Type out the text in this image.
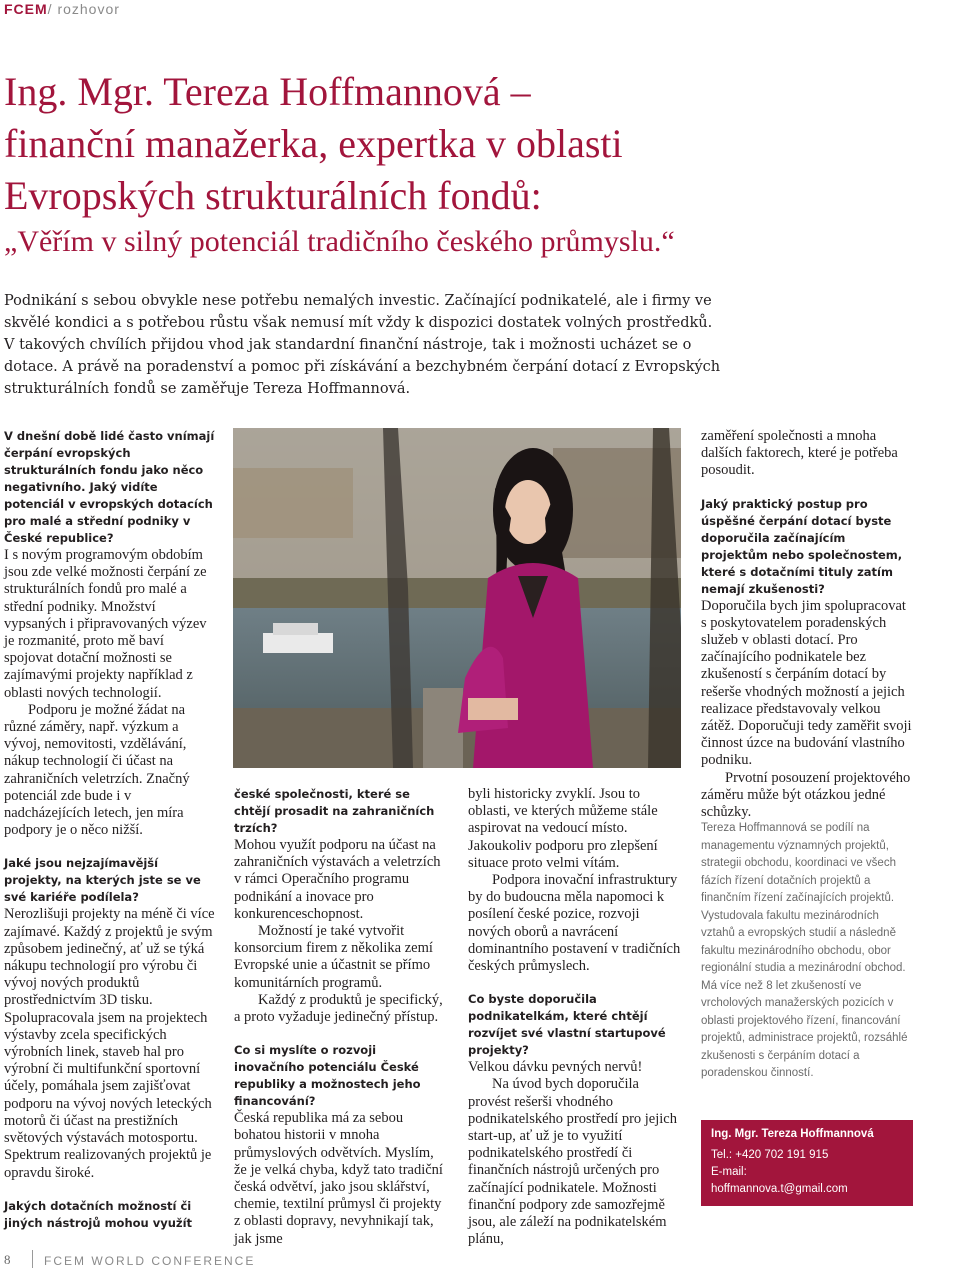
FCEM/ rozhovor
Ing. Mgr. Tereza Hoffmannová –
finanční manažerka, expertka v oblasti
Evropských strukturálních fondů:
„Věřím v silný potenciál tradičního českého průmyslu.“

Podnikání s sebou obvykle nese potřebu nemalých investic. Začínající podnikatelé, ale i firmy ve skvělé kondici a s potřebou růstu však nemusí mít vždy k dispozici dostatek volných prostředků. V takových chvílích přijdou vhod jak standardní finanční nástroje, tak i možnosti ucházet se o dotace. A právě na poradenství a pomoc při získávání a bezchybném čerpání dotací z Evropských strukturálních fondů se zaměřuje Tereza Hoffmannová.

V dnešní době lidé často vnímají čerpání evropských strukturálních fondu jako něco negativního. Jaký vidíte potenciál v evropských dotacích pro malé a střední podniky v České republice?

I s novým programovým obdobím jsou zde velké možnosti čerpání ze strukturálních fondů pro malé a střední podniky. Množství vypsaných i připravovaných výzev je rozmanité, proto mě baví spojovat dotační možnosti se zajímavými projekty například z oblasti nových technologií.

Podporu je možné žádat na různé záměry, např. výzkum a vývoj, nemovitosti, vzdělávání, nákup technologií či účast na zahraničních veletrzích. Značný potenciál zde bude i v nadcházejících letech, jen míra podpory je o něco nižší.

Jaké jsou nejzajímavější projekty, na kterých jste se ve své kariéře podílela?

Nerozlišuji projekty na méně či více zajímavé. Každý z projektů je svým způsobem jedinečný, ať už se týká nákupu technologií pro výrobu či vývoj nových produktů prostřednictvím 3D tisku. Spolupracovala jsem na projektech výstavby zcela specifických výrobních linek, staveb hal pro výrobní či multifunkční sportovní účely, pomáhala jsem zajišťovat podporu na vývoj nových leteckých motorů či účast na prestižních světových výstavách motosportu. Spektrum realizovaných projektů je opravdu široké.

Jakých dotačních možností či jiných nástrojů mohou využít

české společnosti, které se chtějí prosadit na zahraničních trzích?

Mohou využít podporu na účast na zahraničních výstavách a veletrzích v rámci Operačního programu podnikání a inovace pro konkurenceschopnost.

Možností je také vytvořit konsorcium firem z několika zemí Evropské unie a účastnit se přímo komunitárních programů.

Každý z produktů je specifický, a proto vyžaduje jedinečný přístup.

Co si myslíte o rozvoji inovačního potenciálu České republiky a možnostech jeho financování?

Česká republika má za sebou bohatou historii v mnoha průmyslových odvětvích. Myslím, že je velká chyba, když tato tradiční česká odvětví, jako jsou sklářství, chemie, textilní průmysl či projekty z oblasti dopravy, nevyhnikají tak, jak jsme

byli historicky zvyklí. Jsou to oblasti, ve kterých můžeme stále aspirovat na vedoucí místo. Jakoukoliv podporu pro zlepšení situace proto velmi vítám.

Podpora inovační infrastruktury by do budoucna měla napomoci k posílení české pozice, rozvoji nových oborů a navrácení dominantního postavení v tradičních českých průmyslech.

Co byste doporučila podnikatelkám, které chtějí rozvíjet své vlastní startupové projekty?

Velkou dávku pevných nervů!

Na úvod bych doporučila provést rešerši vhodného podnikatelského prostředí pro jejich start-up, ať už je to využití podnikatelského prostředí či finančních nástrojů určených pro začínající podnikatele. Možnosti finanční podpory zde samozřejmě jsou, ale záleží na podnikatelském plánu,

zaměření společnosti a mnoha dalších faktorech, které je potřeba posoudit.

Jaký praktický postup pro úspěšné čerpání dotací byste doporučila začínajícím projektům nebo společnostem, které s dotačními tituly zatím nemají zkušenosti?

Doporučila bych jim spolupracovat s poskytovatelem poradenských služeb v oblasti dotací. Pro začínajícího podnikatele bez zkušeností s čerpáním dotací by rešerše vhodných možností a jejich realizace představovaly velkou zátěž. Doporučuji tedy zaměřit svoji činnost úzce na budování vlastního podniku.

Prvotní posouzení projektového záměru může být otázkou jedné schůzky.

Tereza Hoffmannová se podílí na managementu významných projektů, strategii obchodu, koordinaci ve všech fázích řízení dotačních projektů a finančním řízení začínajících projektů. Vystudovala fakultu mezinárodních vztahů a evropských studií a následně fakultu mezinárodního obchodu, obor regionální studia a mezinárodní obchod. Má více než 8 let zkušeností ve vrcholových manažerských pozicích v oblasti projektového řízení, financování projektů, administrace projektů, rozsáhlé zkušenosti s čerpáním dotací a poradenskou činností.

Ing. Mgr. Tereza Hoffmannová
Tel.: +420 702 191 915
E-mail:
hoffmannova.t@gmail.com
8	FCEM WORLD CONFERENCE
